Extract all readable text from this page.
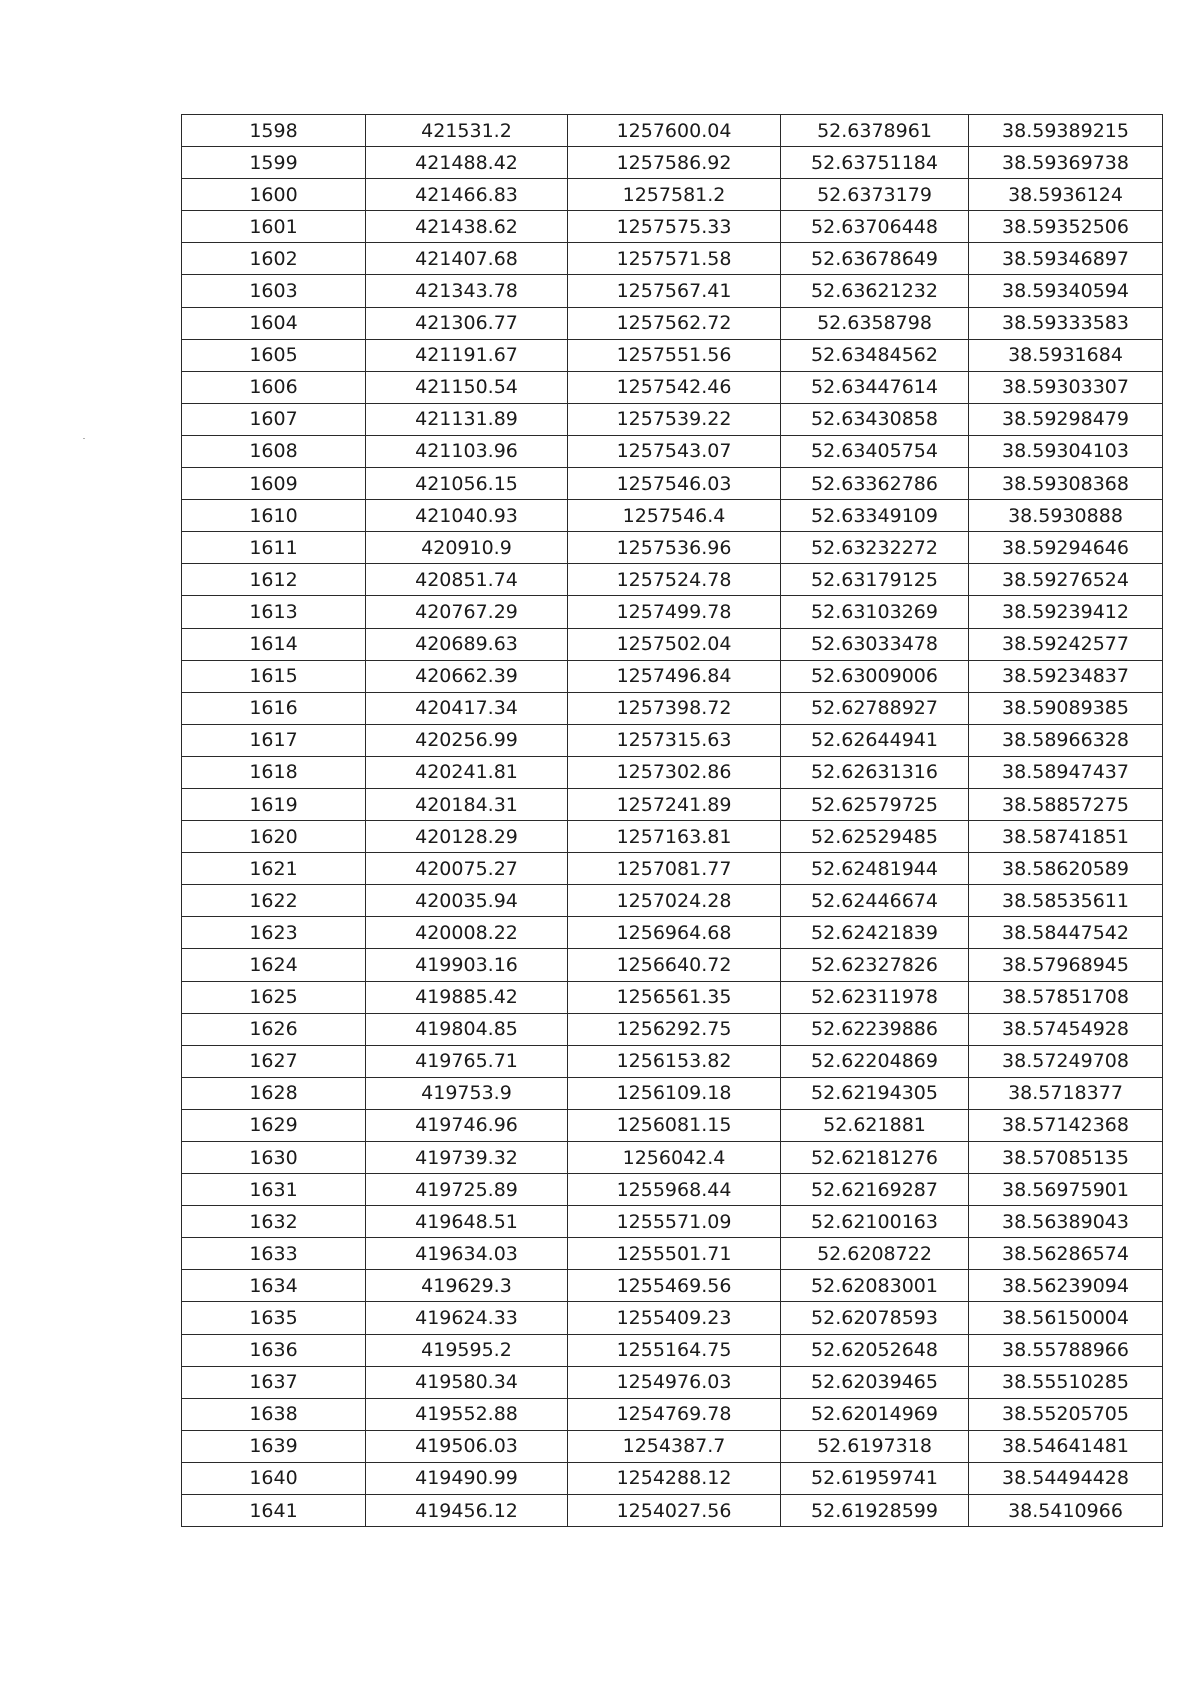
1598	421531.2	1257600.04	52.6378961	38.59389215
1599	421488.42	1257586.92	52.63751184	38.59369738
1600	421466.83	1257581.2	52.6373179	38.5936124
1601	421438.62	1257575.33	52.63706448	38.59352506
1602	421407.68	1257571.58	52.63678649	38.59346897
1603	421343.78	1257567.41	52.63621232	38.59340594
1604	421306.77	1257562.72	52.6358798	38.59333583
1605	421191.67	1257551.56	52.63484562	38.5931684
1606	421150.54	1257542.46	52.63447614	38.59303307
1607	421131.89	1257539.22	52.63430858	38.59298479
1608	421103.96	1257543.07	52.63405754	38.59304103
1609	421056.15	1257546.03	52.63362786	38.59308368
1610	421040.93	1257546.4	52.63349109	38.5930888
1611	420910.9	1257536.96	52.63232272	38.59294646
1612	420851.74	1257524.78	52.63179125	38.59276524
1613	420767.29	1257499.78	52.63103269	38.59239412
1614	420689.63	1257502.04	52.63033478	38.59242577
1615	420662.39	1257496.84	52.63009006	38.59234837
1616	420417.34	1257398.72	52.62788927	38.59089385
1617	420256.99	1257315.63	52.62644941	38.58966328
1618	420241.81	1257302.86	52.62631316	38.58947437
1619	420184.31	1257241.89	52.62579725	38.58857275
1620	420128.29	1257163.81	52.62529485	38.58741851
1621	420075.27	1257081.77	52.62481944	38.58620589
1622	420035.94	1257024.28	52.62446674	38.58535611
1623	420008.22	1256964.68	52.62421839	38.58447542
1624	419903.16	1256640.72	52.62327826	38.57968945
1625	419885.42	1256561.35	52.62311978	38.57851708
1626	419804.85	1256292.75	52.62239886	38.57454928
1627	419765.71	1256153.82	52.62204869	38.57249708
1628	419753.9	1256109.18	52.62194305	38.5718377
1629	419746.96	1256081.15	52.621881	38.57142368
1630	419739.32	1256042.4	52.62181276	38.57085135
1631	419725.89	1255968.44	52.62169287	38.56975901
1632	419648.51	1255571.09	52.62100163	38.56389043
1633	419634.03	1255501.71	52.6208722	38.56286574
1634	419629.3	1255469.56	52.62083001	38.56239094
1635	419624.33	1255409.23	52.62078593	38.56150004
1636	419595.2	1255164.75	52.62052648	38.55788966
1637	419580.34	1254976.03	52.62039465	38.55510285
1638	419552.88	1254769.78	52.62014969	38.55205705
1639	419506.03	1254387.7	52.6197318	38.54641481
1640	419490.99	1254288.12	52.61959741	38.54494428
1641	419456.12	1254027.56	52.61928599	38.5410966
